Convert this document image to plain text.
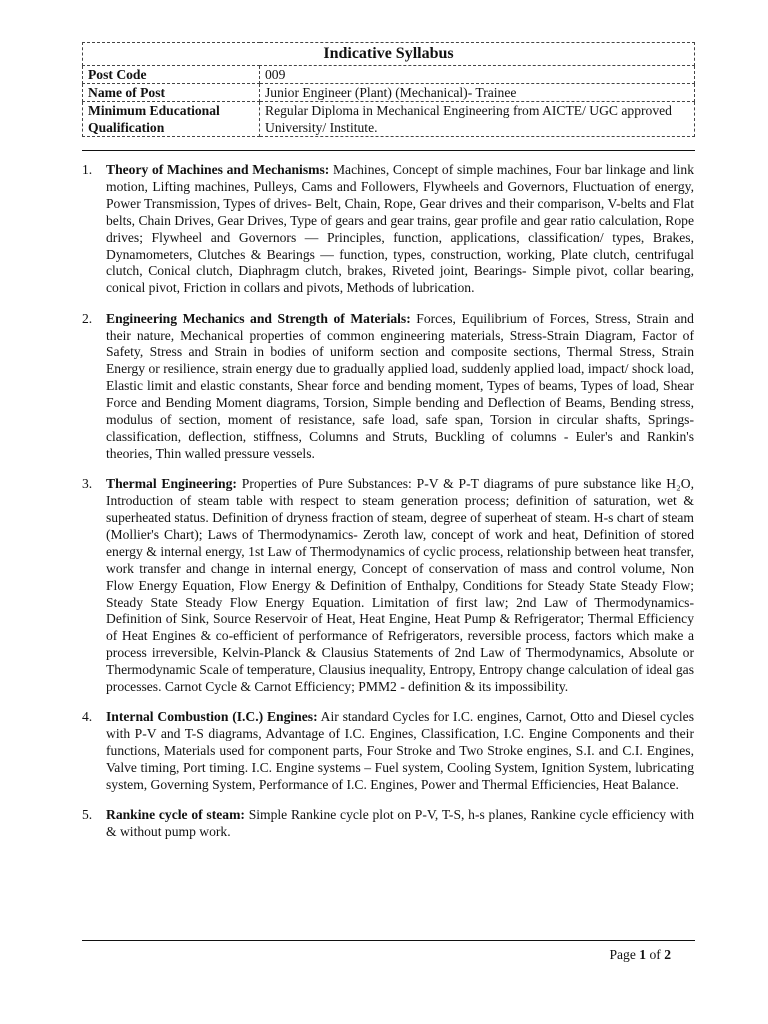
Indicative Syllabus	
Post Code	009
Name of Post	Junior Engineer (Plant) (Mechanical)- Trainee
Minimum Educational Qualification	Regular Diploma in Mechanical Engineering from AICTE/ UGC approved University/ Institute.
1. Theory of Machines and Mechanisms: Machines, Concept of simple machines, Four bar linkage and link motion, Lifting machines, Pulleys, Cams and Followers, Flywheels and Governors, Fluctuation of energy, Power Transmission, Types of drives- Belt, Chain, Rope, Gear drives and their comparison, V-belts and Flat belts, Chain Drives, Gear Drives, Type of gears and gear trains, gear profile and gear ratio calculation, Rope drives; Flywheel and Governors — Principles, function, applications, classification/ types, Brakes, Dynamometers, Clutches & Bearings — function, types, construction, working, Plate clutch, centrifugal clutch, Conical clutch, Diaphragm clutch, brakes, Riveted joint, Bearings- Simple pivot, collar bearing, conical pivot, Friction in collars and pivots, Methods of lubrication.
2. Engineering Mechanics and Strength of Materials: Forces, Equilibrium of Forces, Stress, Strain and their nature, Mechanical properties of common engineering materials, Stress-Strain Diagram, Factor of Safety, Stress and Strain in bodies of uniform section and composite sections, Thermal Stress, Strain Energy or resilience, strain energy due to gradually applied load, suddenly applied load, impact/ shock load, Elastic limit and elastic constants, Shear force and bending moment, Types of beams, Types of load, Shear Force and Bending Moment diagrams, Torsion, Simple bending and Deflection of Beams, Bending stress, modulus of section, moment of resistance, safe load, safe span, Torsion in circular shafts, Springs- classification, deflection, stiffness, Columns and Struts, Buckling of columns - Euler's and Rankin's theories, Thin walled pressure vessels.
3. Thermal Engineering: Properties of Pure Substances: P-V & P-T diagrams of pure substance like H₂O, Introduction of steam table with respect to steam generation process; definition of saturation, wet & superheated status. Definition of dryness fraction of steam, degree of superheat of steam. H-s chart of steam (Mollier's Chart); Laws of Thermodynamics- Zeroth law, concept of work and heat, Definition of stored energy & internal energy, 1st Law of Thermodynamics of cyclic process, relationship between heat transfer, work transfer and change in internal energy, Concept of conservation of mass and control volume, Non Flow Energy Equation, Flow Energy & Definition of Enthalpy, Conditions for Steady State Steady Flow; Steady State Steady Flow Energy Equation. Limitation of first law; 2nd Law of Thermodynamics- Definition of Sink, Source Reservoir of Heat, Heat Engine, Heat Pump & Refrigerator; Thermal Efficiency of Heat Engines & co-efficient of performance of Refrigerators, reversible process, factors which make a process irreversible, Kelvin-Planck & Clausius Statements of 2nd Law of Thermodynamics, Absolute or Thermodynamic Scale of temperature, Clausius inequality, Entropy, Entropy change calculation of ideal gas processes. Carnot Cycle & Carnot Efficiency; PMM2 - definition & its impossibility.
4. Internal Combustion (I.C.) Engines: Air standard Cycles for I.C. engines, Carnot, Otto and Diesel cycles with P-V and T-S diagrams, Advantage of I.C. Engines, Classification, I.C. Engine Components and their functions, Materials used for component parts, Four Stroke and Two Stroke engines, S.I. and C.I. Engines, Valve timing, Port timing. I.C. Engine systems – Fuel system, Cooling System, Ignition System, lubricating system, Governing System, Performance of I.C. Engines, Power and Thermal Efficiencies, Heat Balance.
5. Rankine cycle of steam: Simple Rankine cycle plot on P-V, T-S, h-s planes, Rankine cycle efficiency with & without pump work.
Page 1 of 2
